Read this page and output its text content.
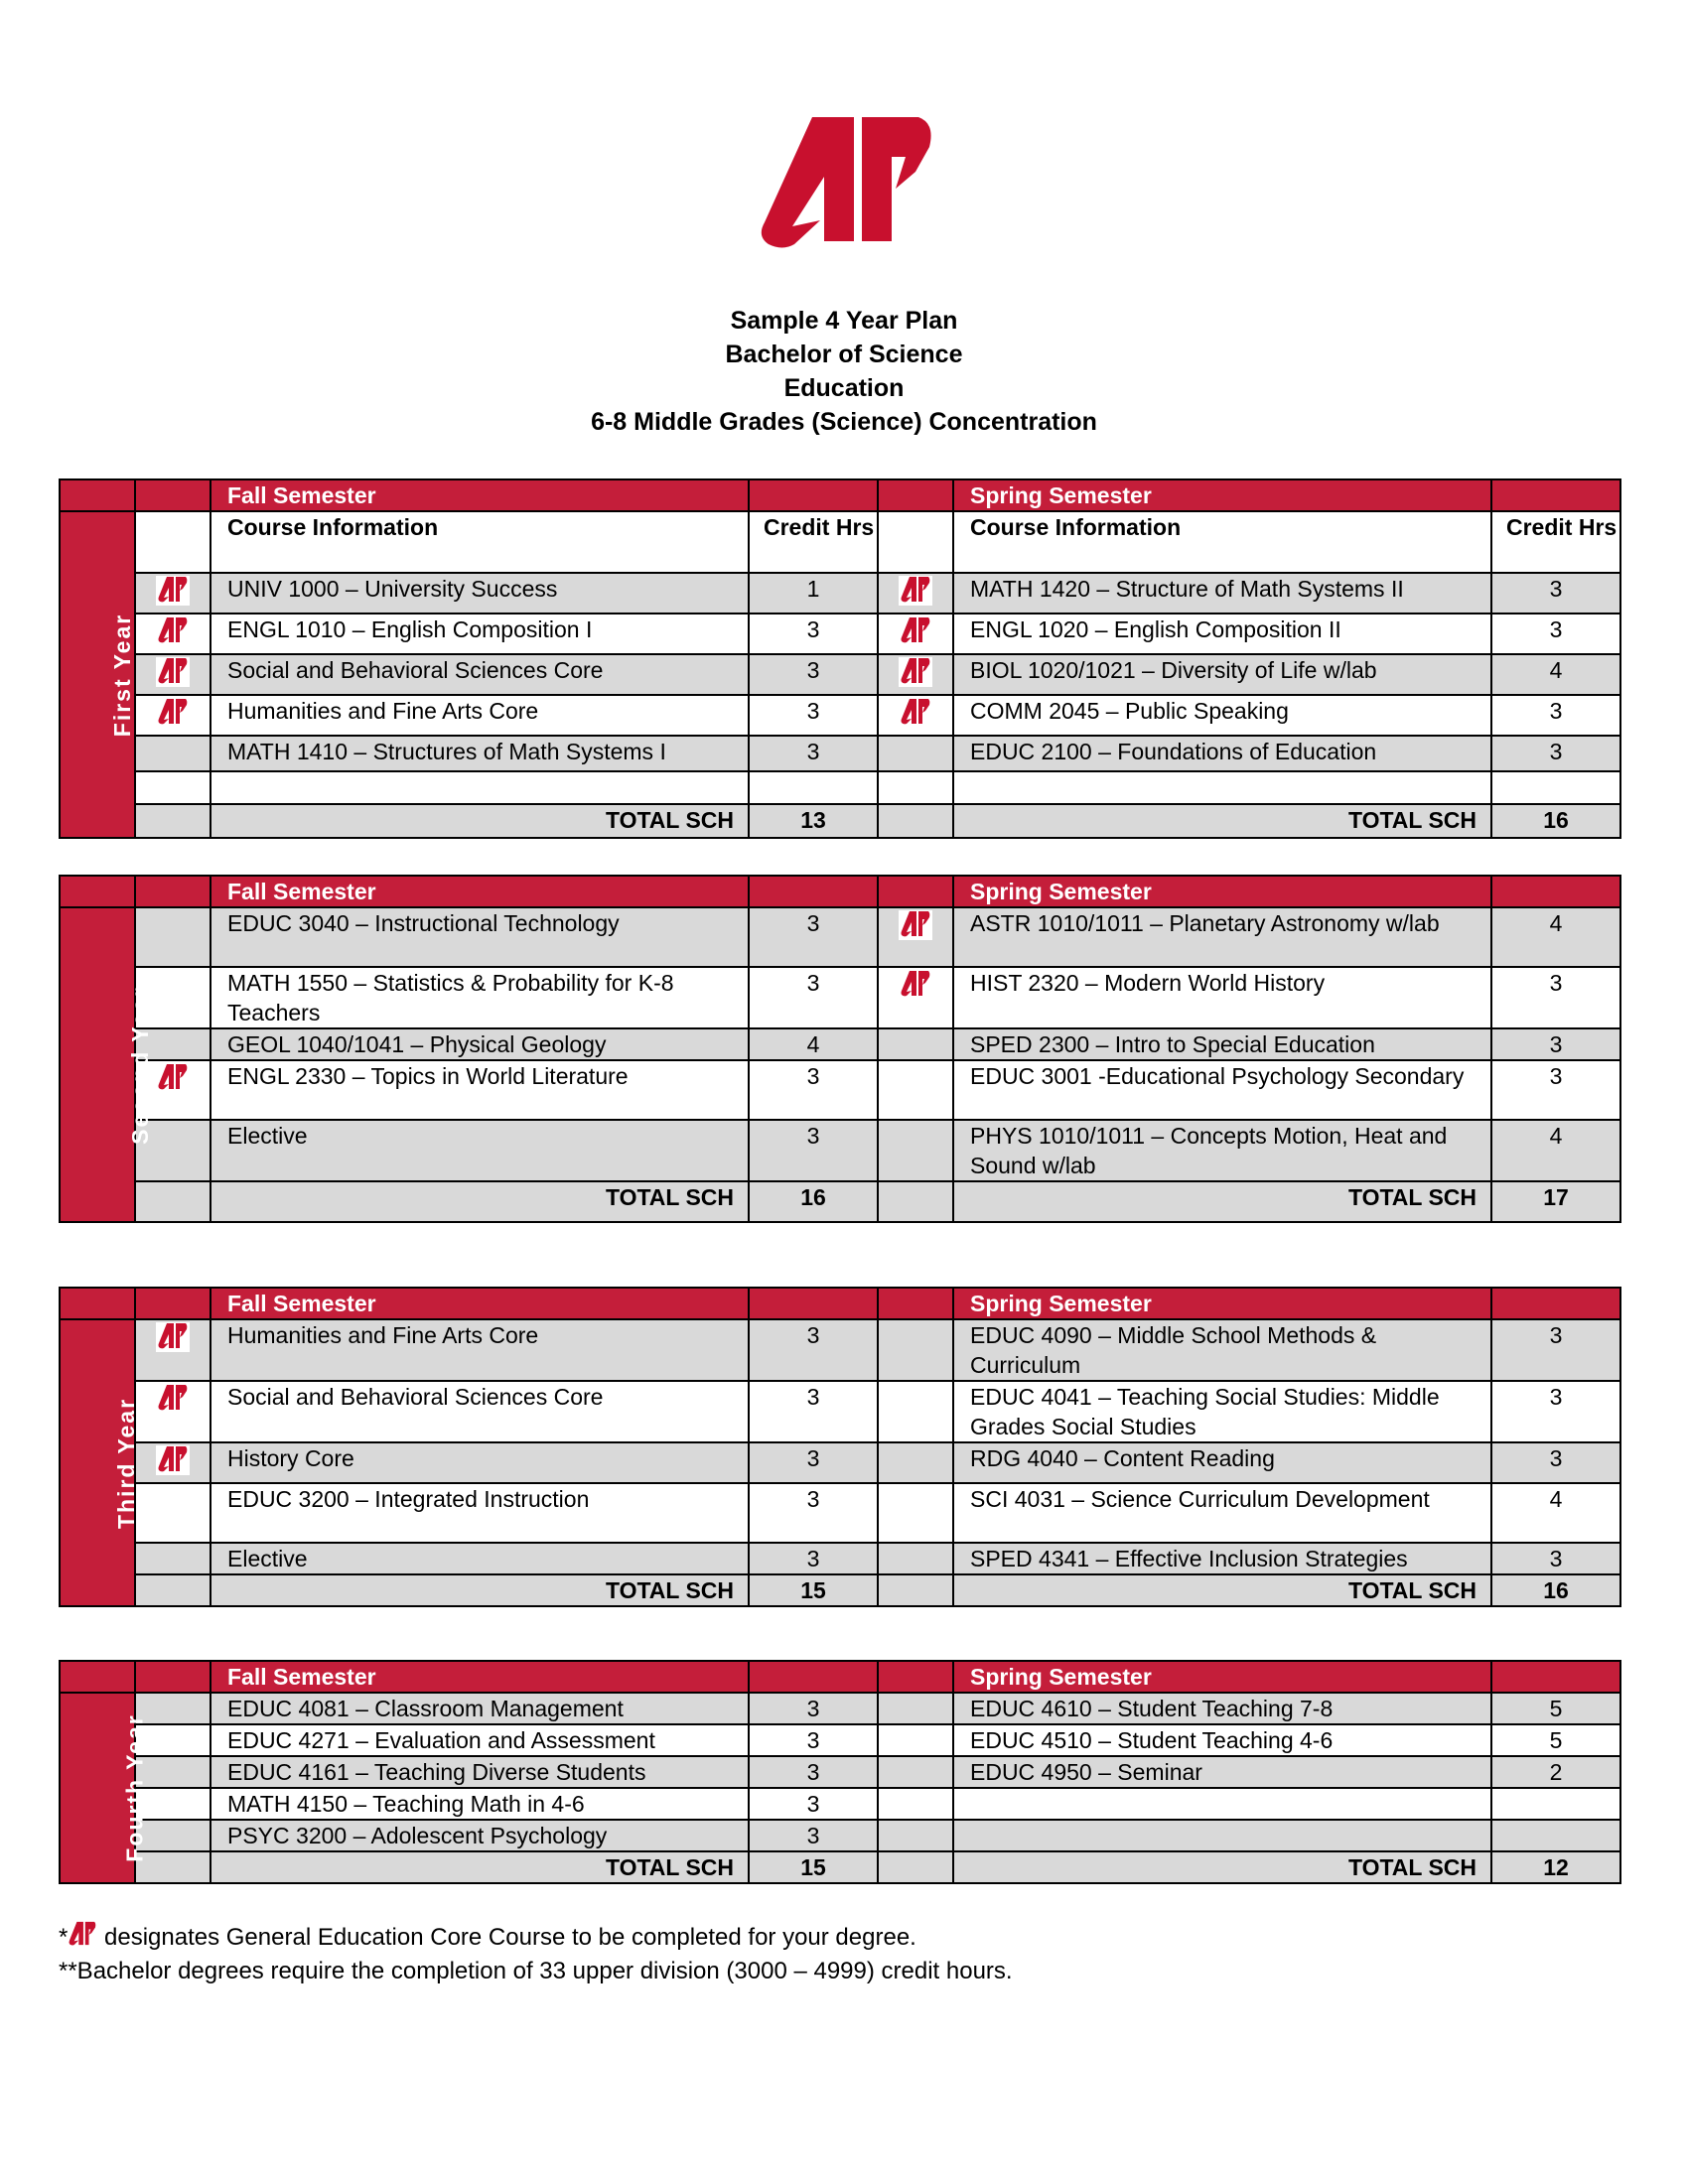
Sample 4 Year Plan
Bachelor of Science
Education
6-8 Middle Grades (Science) Concentration
		Fall Semester			Spring Semester	
First Year		Course Information	Credit Hrs		Course Information	Credit Hrs

	UNIV 1000 – University Success	1		MATH 1420 – Structure of Math Systems II	3

	ENGL 1010 – English Composition I	3		ENGL 1020 – English Composition II	3

	Social and Behavioral Sciences Core	3		BIOL 1020/1021 – Diversity of Life w/lab	4

	Humanities and Fine Arts Core	3		COMM 2045 – Public Speaking	3
		MATH 1410 – Structures of Math Systems I	3		EDUC 2100 – Foundations of Education	3

		TOTAL SCH	13		TOTAL SCH	16
		Fall Semester			Spring Semester	
Second Year		EDUC 3040 – Instructional Technology	3		ASTR 1010/1011 – Planetary Astronomy w/lab	4
		MATH 1550 – Statistics & Probability for K-8 Teachers	3		HIST 2320 – Modern World History	3
		GEOL 1040/1041 – Physical Geology	4		SPED 2300 – Intro to Special Education	3

	ENGL 2330 – Topics in World Literature	3		EDUC 3001 -Educational Psychology Secondary	3
		Elective	3		PHYS 1010/1011 – Concepts Motion, Heat and Sound w/lab	4
		TOTAL SCH	16		TOTAL SCH	17
		Fall Semester			Spring Semester	
Third Year		Humanities and Fine Arts Core	3		EDUC 4090 – Middle School Methods & Curriculum	3

	Social and Behavioral Sciences Core	3		EDUC 4041 – Teaching Social Studies: Middle Grades Social Studies	3

	History Core	3		RDG 4040 – Content Reading	3
		EDUC 3200 – Integrated Instruction	3		SCI 4031 – Science Curriculum Development	4
		Elective	3		SPED 4341 – Effective Inclusion Strategies	3
		TOTAL SCH	15		TOTAL SCH	16
		Fall Semester			Spring Semester	
Fourth Year		EDUC 4081 – Classroom Management	3		EDUC 4610 – Student Teaching 7-8	5
		EDUC 4271 – Evaluation and Assessment	3		EDUC 4510 – Student Teaching 4-6	5
		EDUC 4161 – Teaching Diverse Students	3		EDUC 4950 – Seminar	2
		MATH 4150 – Teaching Math in 4-6	3			
		PSYC 3200 – Adolescent Psychology	3			
		TOTAL SCH	15		TOTAL SCH	12
* designates General Education Core Course to be completed for your degree.
**Bachelor degrees require the completion of 33 upper division (3000 – 4999) credit hours.
